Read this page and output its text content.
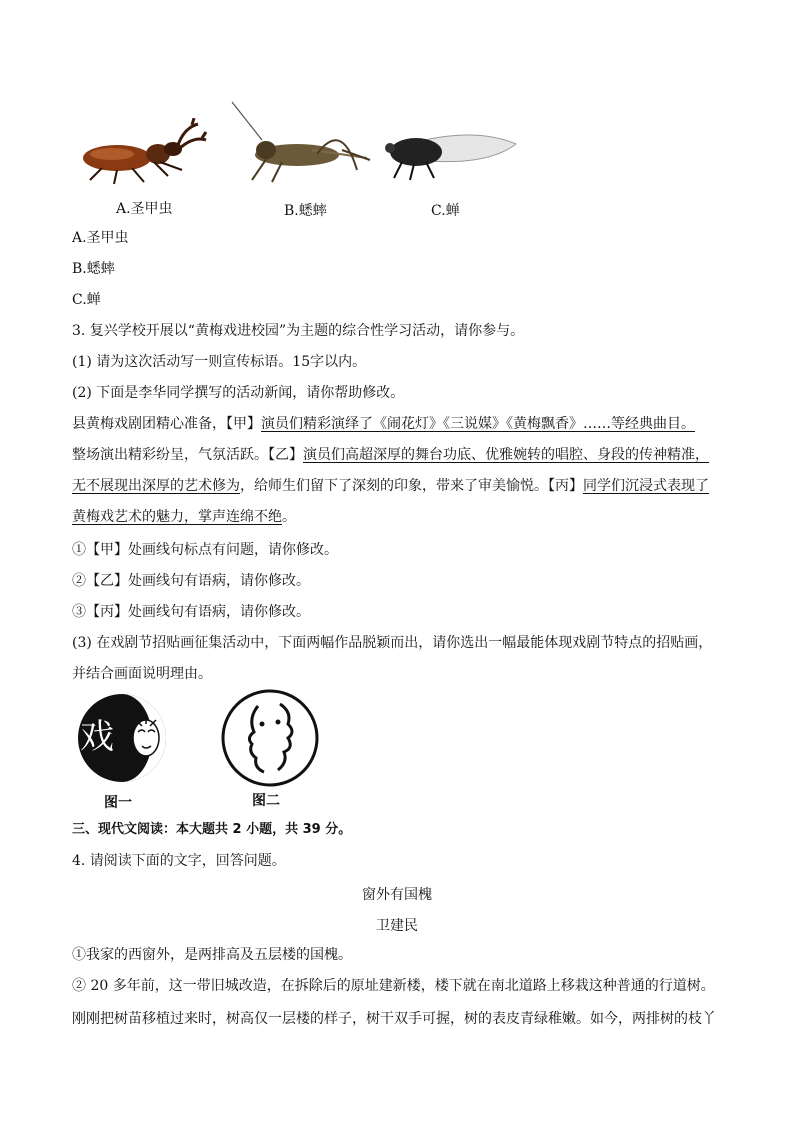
A.圣甲虫	B.蟋蟀	C.蝉
A.圣甲虫
B.蟋蟀
C.蝉
3. 复兴学校开展以“黄梅戏进校园”为主题的综合性学习活动，请你参与。
(1) 请为这次活动写一则宣传标语。15字以内。
(2) 下面是李华同学撰写的活动新闻，请你帮助修改。
县黄梅戏剧团精心准备，【甲】演员们精彩演绎了《闹花灯》《三说媒》《黄梅飘香》……等经典曲目。
整场演出精彩纷呈，气氛活跃。【乙】演员们高超深厚的舞台功底、优雅婉转的唱腔、身段的传神精准，
无不展现出深厚的艺术修为，给师生们留下了深刻的印象，带来了审美愉悦。【丙】同学们沉浸式表现了
黄梅戏艺术的魅力，掌声连绵不绝。
①【甲】处画线句标点有问题，请你修改。
②【乙】处画线句有语病，请你修改。
③【丙】处画线句有语病，请你修改。
(3) 在戏剧节招贴画征集活动中，下面两幅作品脱颖而出，请你选出一幅最能体现戏剧节特点的招贴画，
并结合画面说明理由。
戏
图一	图二
三、现代文阅读：本大题共 2 小题，共 39 分。
4. 请阅读下面的文字，回答问题。
窗外有国槐
卫建民
①我家的西窗外，是两排高及五层楼的国槐。
② 20 多年前，这一带旧城改造，在拆除后的原址建新楼，楼下就在南北道路上移栽这种普通的行道树。
刚刚把树苗移植过来时，树高仅一层楼的样子，树干双手可握，树的表皮青绿稚嫩。如今，两排树的枝丫
